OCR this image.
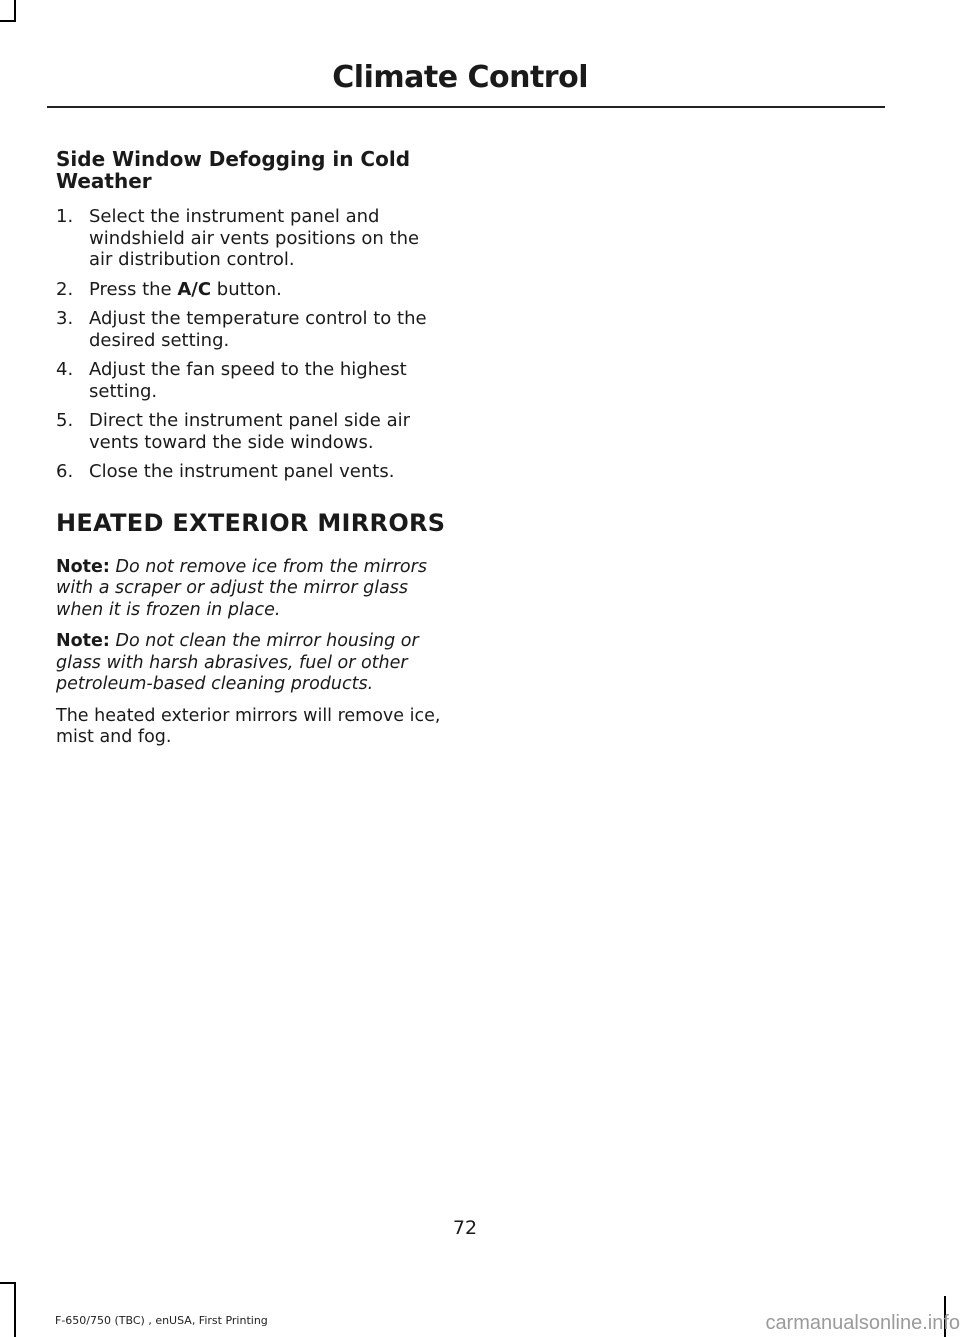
Climate Control
Side Window Defogging in Cold Weather
1. Select the instrument panel and windshield air vents positions on the air distribution control.
2. Press the A/C button.
3. Adjust the temperature control to the desired setting.
4. Adjust the fan speed to the highest setting.
5. Direct the instrument panel side air vents toward the side windows.
6. Close the instrument panel vents.
HEATED EXTERIOR MIRRORS

Note: Do not remove ice from the mirrors with a scraper or adjust the mirror glass when it is frozen in place.

Note: Do not clean the mirror housing or glass with harsh abrasives, fuel or other petroleum-based cleaning products.

The heated exterior mirrors will remove ice, mist and fog.

72
F-650/750 (TBC) , enUSA, First Printing	carmanualsonline.info
